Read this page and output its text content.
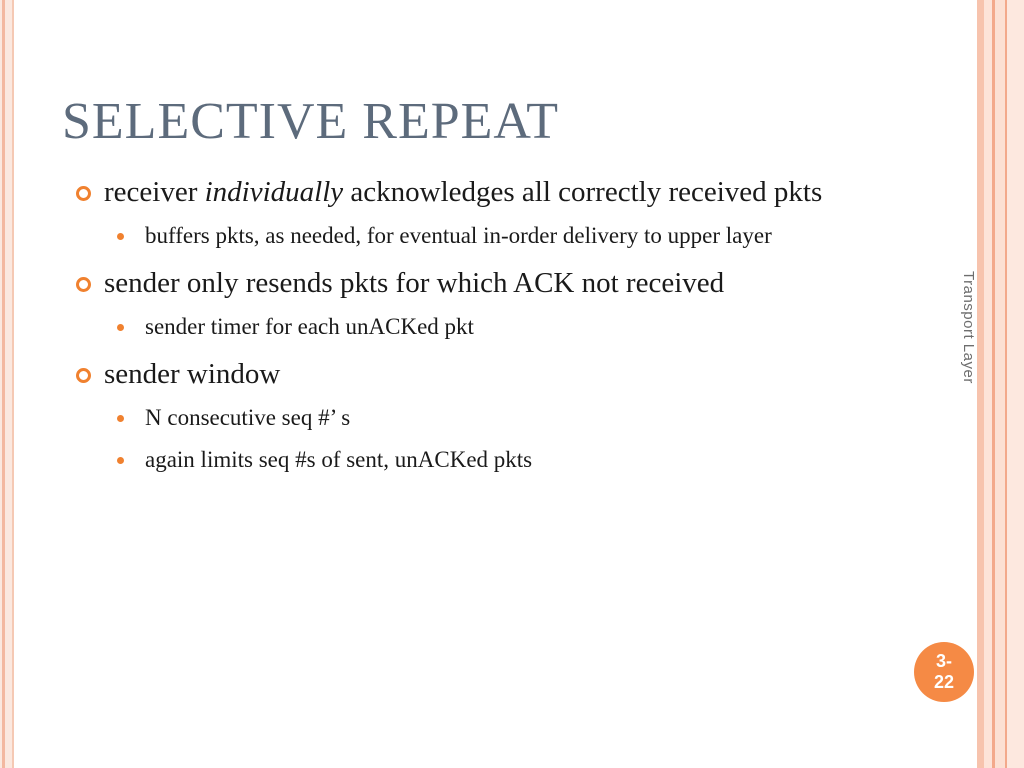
SELECTIVE REPEAT
receiver individually acknowledges all correctly received pkts
buffers pkts, as needed, for eventual in-order delivery to upper layer
sender only resends pkts for which ACK not received
sender timer for each unACKed pkt
sender window
N consecutive seq #’ s
again limits seq #s of sent, unACKed pkts
Transport Layer
3-
22
